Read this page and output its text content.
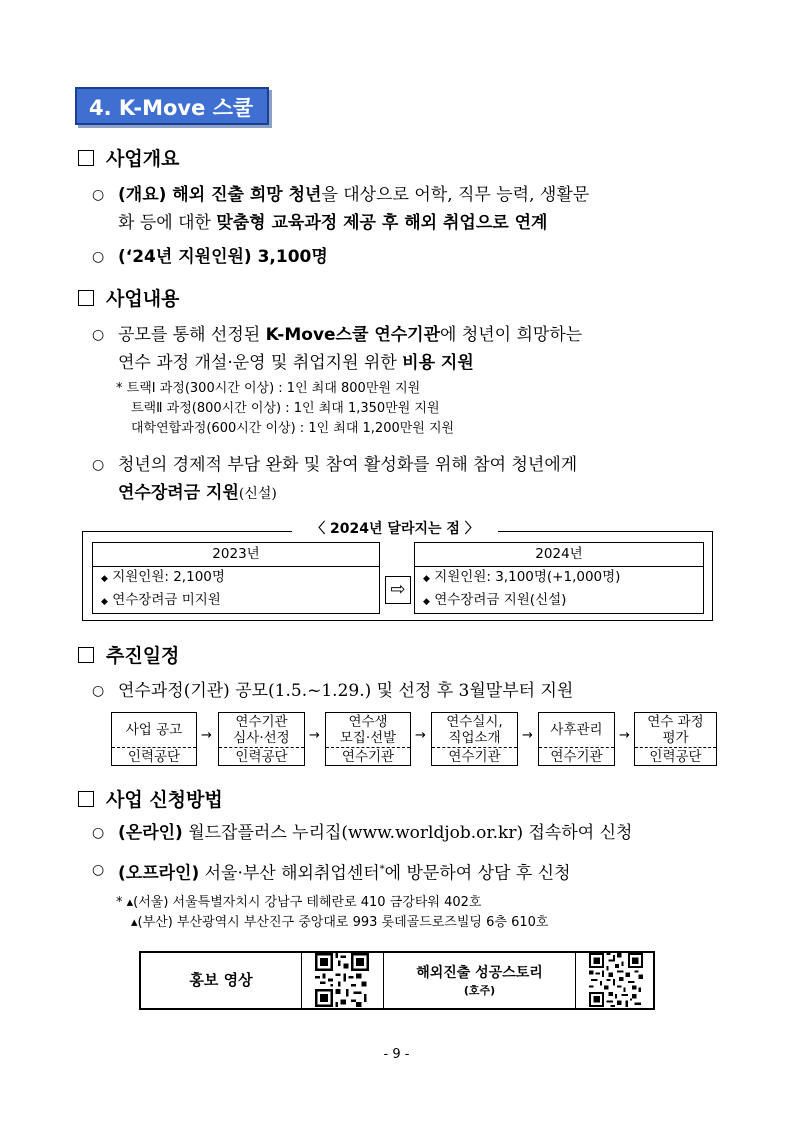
4. K-Move 스쿨
사업개요
○ (개요) 해외 진출 희망 청년을 대상으로 어학, 직무 능력, 생활문
화 등에 대한 맞춤형 교육과정 제공 후 해외 취업으로 연계
○ (‘24년 지원인원) 3,100명
사업내용
○ 공모를 통해 선정된 K-Move스쿨 연수기관에 청년이 희망하는
연수 과정 개설·운영 및 취업지원 위한 비용 지원
* 트랙Ⅰ 과정(300시간 이상) : 1인 최대 800만원 지원
트랙Ⅱ 과정(800시간 이상) : 1인 최대 1,350만원 지원
대학연합과정(600시간 이상) : 1인 최대 1,200만원 지원
○ 청년의 경제적 부담 완화 및 참여 활성화를 위해 참여 청년에게
연수장려금 지원(신설)
〈 2024년 달라지는 점 〉
2023년
◆ 지원인원: 2,100명
◆ 연수장려금 미지원	⇨
2024년
◆ 지원인원: 3,100명(+1,000명)
◆ 연수장려금 지원(신설)
추진일정
○ 연수과정(기관) 공모(1.5.~1.29.) 및 선정 후 3월말부터 지원
사업 공고
인력공단
→
연수기관
심사·선정
인력공단
→
연수생
모집·선발
연수기관
→
연수실시,
직업소개
연수기관
→ 사후관리
연수기관
→
연수 과정
평가
인력공단
사업 신청방법
○ (온라인) 월드잡플러스 누리집(www.worldjob.or.kr) 접속하여 신청
○ (오프라인) 서울·부산 해외취업센터*에 방문하여 상담 후 신청
* ▴(서울) 서울특별자치시 강남구 테헤란로 410 금강타워 402호
▴(부산) 부산광역시 부산진구 중앙대로 993 롯데골드로즈빌딩 6층 610호
홍보 영상	해외진출 성공스토리
(호주)
- 9 -
